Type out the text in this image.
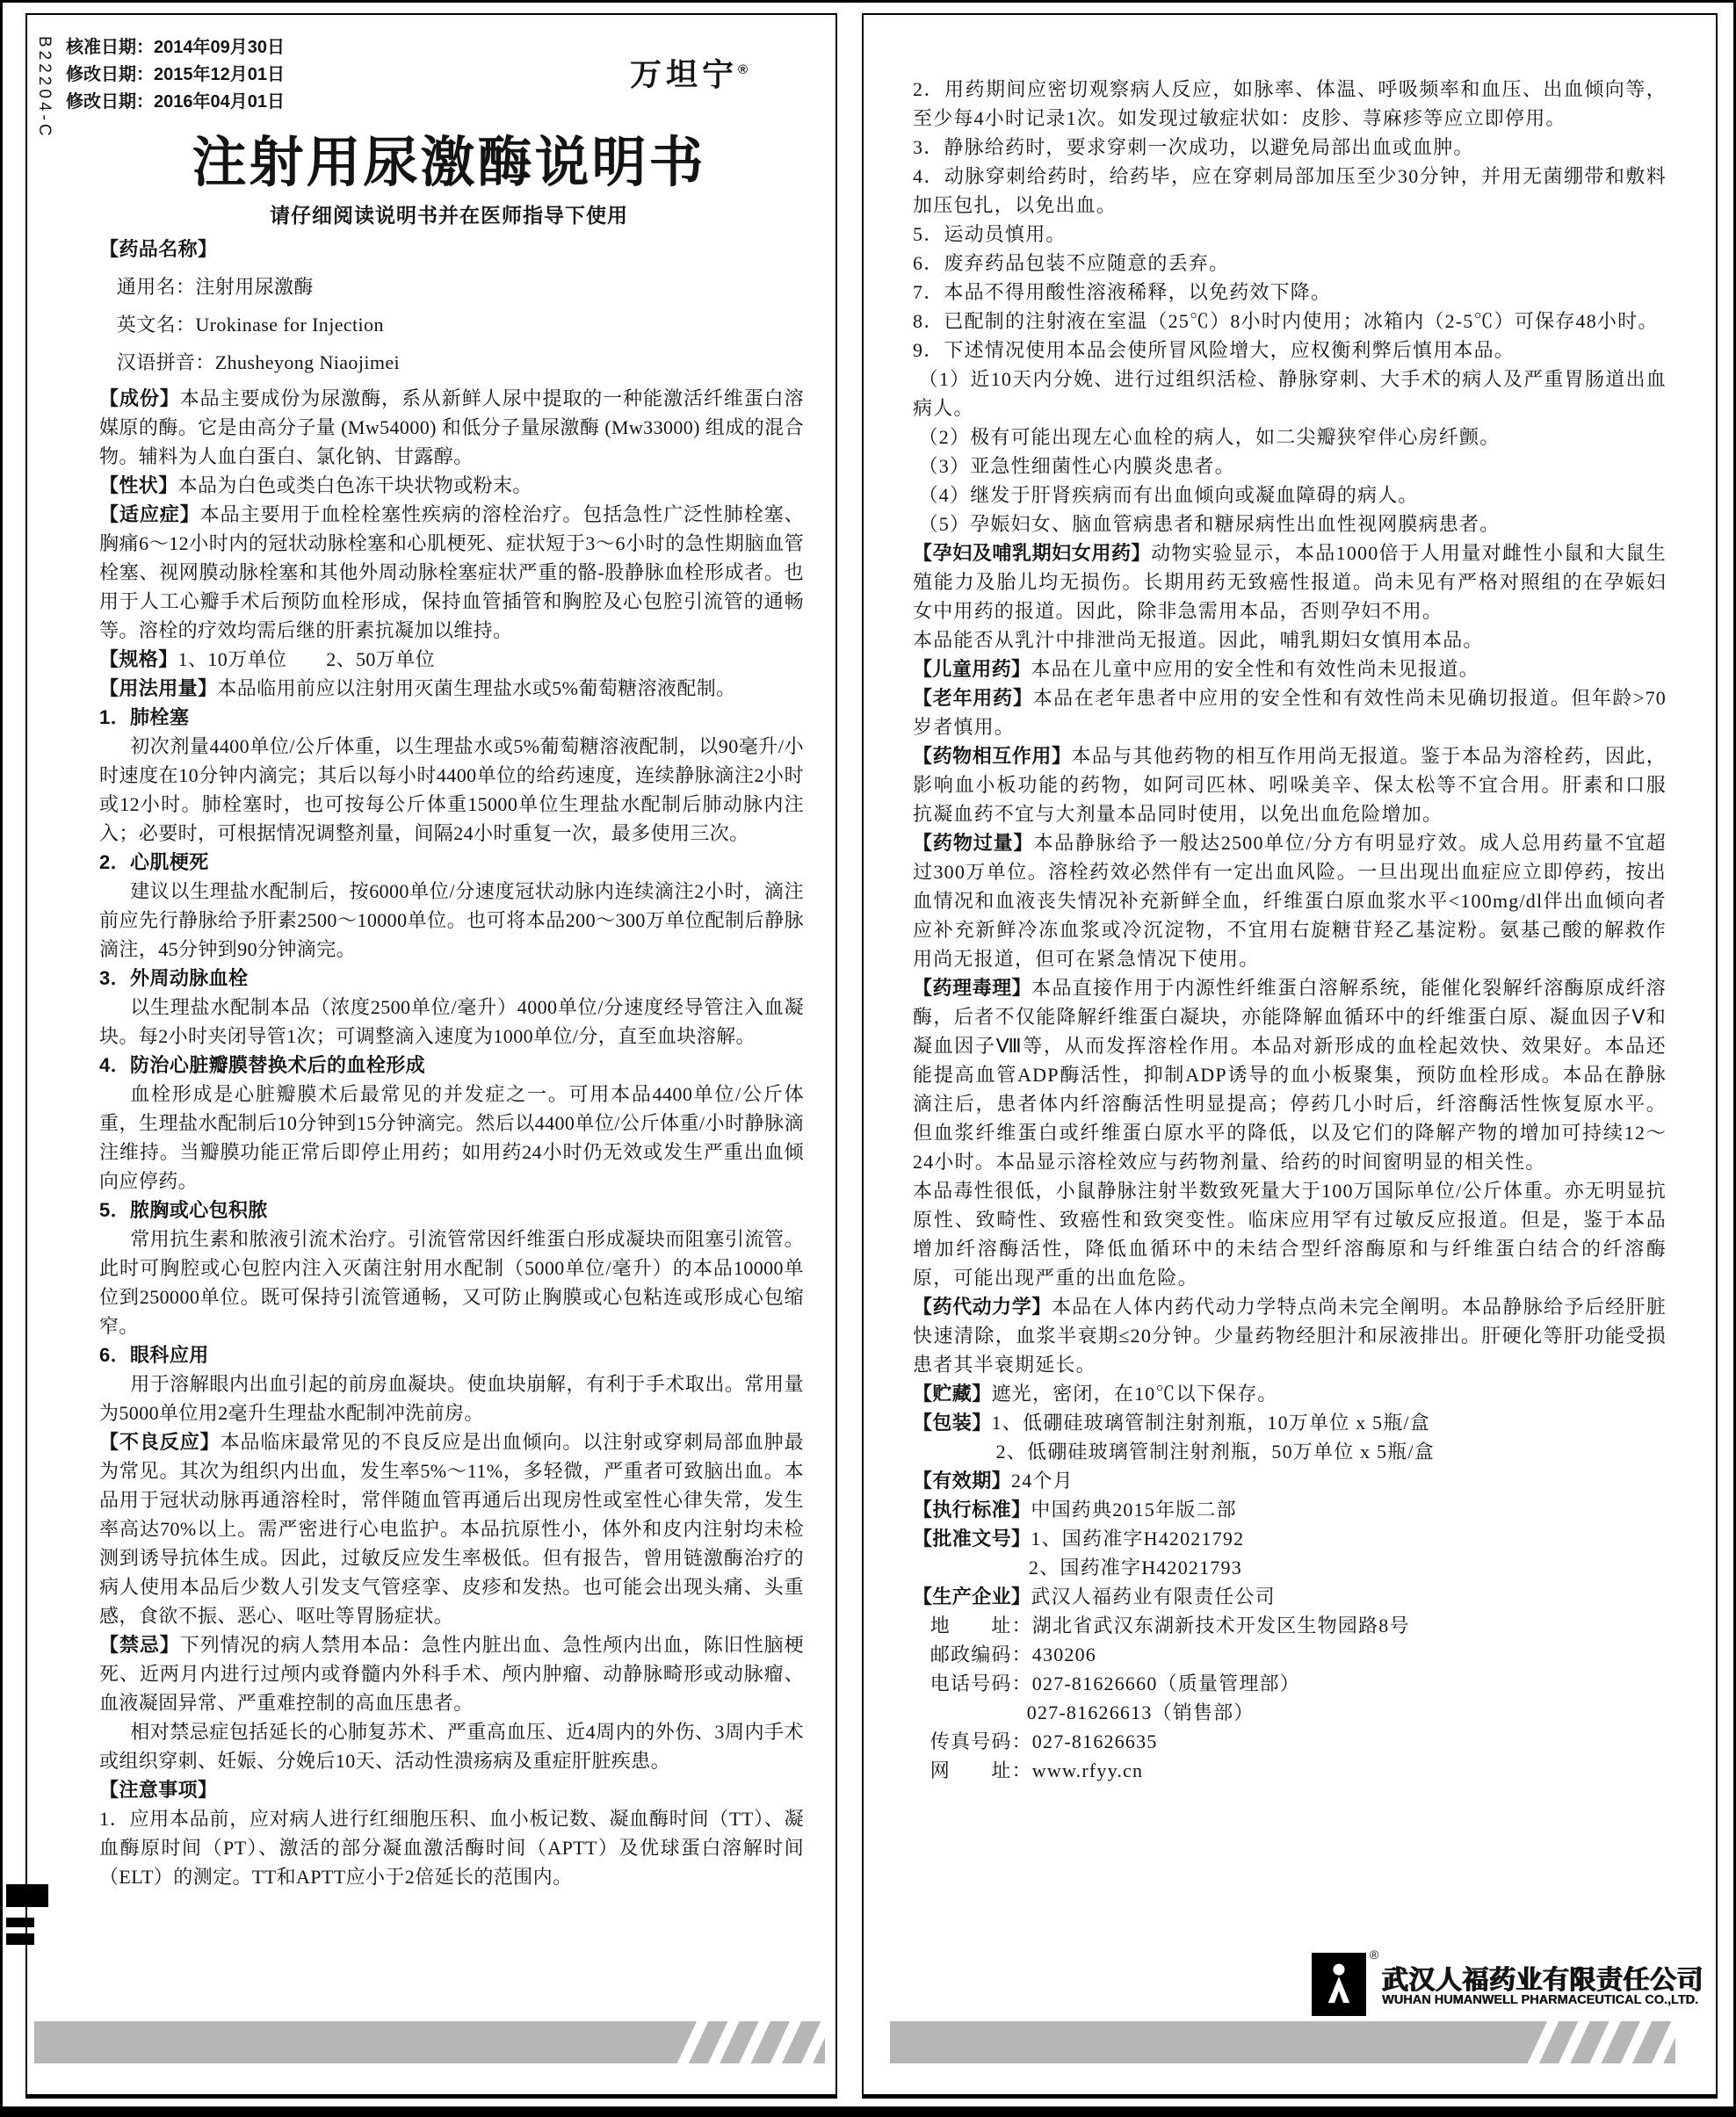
B22204-C 核准日期：2014年09月30日
修改日期：2015年12月01日
修改日期：2016年04月01日
万坦宁®
注射用尿激酶说明书
请仔细阅读说明书并在医师指导下使用

【药品名称】

通用名：注射用尿激酶

英文名：Urokinase for Injection

汉语拼音：Zhusheyong Niaojimei

【成份】本品主要成份为尿激酶，系从新鲜人尿中提取的一种能激活纤维蛋白溶媒原的酶。它是由高分子量 (Mw54000) 和低分子量尿激酶 (Mw33000) 组成的混合物。辅料为人血白蛋白、氯化钠、甘露醇。

【性状】本品为白色或类白色冻干块状物或粉末。

【适应症】本品主要用于血栓栓塞性疾病的溶栓治疗。包括急性广泛性肺栓塞、胸痛6～12小时内的冠状动脉栓塞和心肌梗死、症状短于3～6小时的急性期脑血管栓塞、视网膜动脉栓塞和其他外周动脉栓塞症状严重的骼-股静脉血栓形成者。也用于人工心瓣手术后预防血栓形成，保持血管插管和胸腔及心包腔引流管的通畅等。溶栓的疗效均需后继的肝素抗凝加以维持。

【规格】1、10万单位　　2、50万单位

【用法用量】本品临用前应以注射用灭菌生理盐水或5%葡萄糖溶液配制。

1．肺栓塞

初次剂量4400单位/公斤体重，以生理盐水或5%葡萄糖溶液配制，以90毫升/小时速度在10分钟内滴完；其后以每小时4400单位的给药速度，连续静脉滴注2小时或12小时。肺栓塞时，也可按每公斤体重15000单位生理盐水配制后肺动脉内注入；必要时，可根据情况调整剂量，间隔24小时重复一次，最多使用三次。

2．心肌梗死

建议以生理盐水配制后，按6000单位/分速度冠状动脉内连续滴注2小时，滴注前应先行静脉给予肝素2500～10000单位。也可将本品200～300万单位配制后静脉滴注，45分钟到90分钟滴完。

3．外周动脉血栓

以生理盐水配制本品（浓度2500单位/毫升）4000单位/分速度经导管注入血凝块。每2小时夹闭导管1次；可调整滴入速度为1000单位/分，直至血块溶解。

4．防治心脏瓣膜替换术后的血栓形成

血栓形成是心脏瓣膜术后最常见的并发症之一。可用本品4400单位/公斤体重，生理盐水配制后10分钟到15分钟滴完。然后以4400单位/公斤体重/小时静脉滴注维持。当瓣膜功能正常后即停止用药；如用药24小时仍无效或发生严重出血倾向应停药。

5．脓胸或心包积脓

常用抗生素和脓液引流术治疗。引流管常因纤维蛋白形成凝块而阻塞引流管。此时可胸腔或心包腔内注入灭菌注射用水配制（5000单位/毫升）的本品10000单位到250000单位。既可保持引流管通畅，又可防止胸膜或心包粘连或形成心包缩窄。

6．眼科应用

用于溶解眼内出血引起的前房血凝块。使血块崩解，有利于手术取出。常用量为5000单位用2毫升生理盐水配制冲洗前房。

【不良反应】本品临床最常见的不良反应是出血倾向。以注射或穿刺局部血肿最为常见。其次为组织内出血，发生率5%～11%，多轻微，严重者可致脑出血。本品用于冠状动脉再通溶栓时，常伴随血管再通后出现房性或室性心律失常，发生率高达70%以上。需严密进行心电监护。本品抗原性小，体外和皮内注射均未检测到诱导抗体生成。因此，过敏反应发生率极低。但有报告，曾用链激酶治疗的病人使用本品后少数人引发支气管痉挛、皮疹和发热。也可能会出现头痛、头重感，食欲不振、恶心、呕吐等胃肠症状。

【禁忌】下列情况的病人禁用本品：急性内脏出血、急性颅内出血，陈旧性脑梗死、近两月内进行过颅内或脊髓内外科手术、颅内肿瘤、动静脉畸形或动脉瘤、血液凝固异常、严重难控制的高血压患者。

相对禁忌症包括延长的心肺复苏术、严重高血压、近4周内的外伤、3周内手术或组织穿刺、妊娠、分娩后10天、活动性溃疡病及重症肝脏疾患。

【注意事项】

1．应用本品前，应对病人进行红细胞压积、血小板记数、凝血酶时间（TT）、凝血酶原时间（PT）、激活的部分凝血激活酶时间（APTT）及优球蛋白溶解时间（ELT）的测定。TT和APTT应小于2倍延长的范围内。

2．用药期间应密切观察病人反应，如脉率、体温、呼吸频率和血压、出血倾向等，至少每4小时记录1次。如发现过敏症状如：皮胗、荨麻疹等应立即停用。

3．静脉给药时，要求穿刺一次成功，以避免局部出血或血肿。

4．动脉穿刺给药时，给药毕，应在穿刺局部加压至少30分钟，并用无菌绷带和敷料加压包扎，以免出血。

5．运动员慎用。

6．废弃药品包装不应随意的丢弃。

7．本品不得用酸性溶液稀释，以免药效下降。

8．已配制的注射液在室温（25℃）8小时内使用；冰箱内（2-5℃）可保存48小时。

9．下述情况使用本品会使所冒风险增大，应权衡利弊后慎用本品。

（1）近10天内分娩、进行过组织活检、静脉穿刺、大手术的病人及严重胃肠道出血病人。

（2）极有可能出现左心血栓的病人，如二尖瓣狭窄伴心房纤颤。

（3）亚急性细菌性心内膜炎患者。

（4）继发于肝肾疾病而有出血倾向或凝血障碍的病人。

（5）孕娠妇女、脑血管病患者和糖尿病性出血性视网膜病患者。

【孕妇及哺乳期妇女用药】动物实验显示，本品1000倍于人用量对雌性小鼠和大鼠生殖能力及胎儿均无损伤。长期用药无致癌性报道。尚未见有严格对照组的在孕娠妇女中用药的报道。因此，除非急需用本品，否则孕妇不用。

本品能否从乳汁中排泄尚无报道。因此，哺乳期妇女慎用本品。

【儿童用药】本品在儿童中应用的安全性和有效性尚未见报道。

【老年用药】本品在老年患者中应用的安全性和有效性尚未见确切报道。但年龄>70岁者慎用。

【药物相互作用】本品与其他药物的相互作用尚无报道。鉴于本品为溶栓药，因此，影响血小板功能的药物，如阿司匹林、吲哚美辛、保太松等不宜合用。肝素和口服抗凝血药不宜与大剂量本品同时使用，以免出血危险增加。

【药物过量】本品静脉给予一般达2500单位/分方有明显疗效。成人总用药量不宜超过300万单位。溶栓药效必然伴有一定出血风险。一旦出现出血症应立即停药，按出血情况和血液丧失情况补充新鲜全血，纤维蛋白原血浆水平<100mg/dl伴出血倾向者应补充新鲜冷冻血浆或冷沉淀物，不宜用右旋糖苷羟乙基淀粉。氨基己酸的解救作用尚无报道，但可在紧急情况下使用。

【药理毒理】本品直接作用于内源性纤维蛋白溶解系统，能催化裂解纤溶酶原成纤溶酶，后者不仅能降解纤维蛋白凝块，亦能降解血循环中的纤维蛋白原、凝血因子Ⅴ和凝血因子Ⅷ等，从而发挥溶栓作用。本品对新形成的血栓起效快、效果好。本品还能提高血管ADP酶活性，抑制ADP诱导的血小板聚集，预防血栓形成。本品在静脉滴注后，患者体内纤溶酶活性明显提高；停药几小时后，纤溶酶活性恢复原水平。但血浆纤维蛋白或纤维蛋白原水平的降低，以及它们的降解产物的增加可持续12～24小时。本品显示溶栓效应与药物剂量、给药的时间窗明显的相关性。

本品毒性很低，小鼠静脉注射半数致死量大于100万国际单位/公斤体重。亦无明显抗原性、致畸性、致癌性和致突变性。临床应用罕有过敏反应报道。但是，鉴于本品增加纤溶酶活性，降低血循环中的未结合型纤溶酶原和与纤维蛋白结合的纤溶酶原，可能出现严重的出血危险。

【药代动力学】本品在人体内药代动力学特点尚未完全阐明。本品静脉给予后经肝脏快速清除，血浆半衰期≤20分钟。少量药物经胆汁和尿液排出。肝硬化等肝功能受损患者其半衰期延长。

【贮藏】遮光，密闭，在10℃以下保存。

【包装】1、低硼硅玻璃管制注射剂瓶，10万单位 x 5瓶/盒

2、低硼硅玻璃管制注射剂瓶，50万单位 x 5瓶/盒

【有效期】24个月

【执行标准】中国药典2015年版二部

【批准文号】1、国药准字H42021792

2、国药准字H42021793

【生产企业】武汉人福药业有限责任公司

地　　址：湖北省武汉东湖新技术开发区生物园路8号

邮政编码：430206

电话号码：027-81626660（质量管理部）

027-81626613（销售部）

传真号码：027-81626635

网　　址：www.rfyy.cn

®
武汉人福药业有限责任公司
WUHAN HUMANWELL PHARMACEUTICAL CO.,LTD.
